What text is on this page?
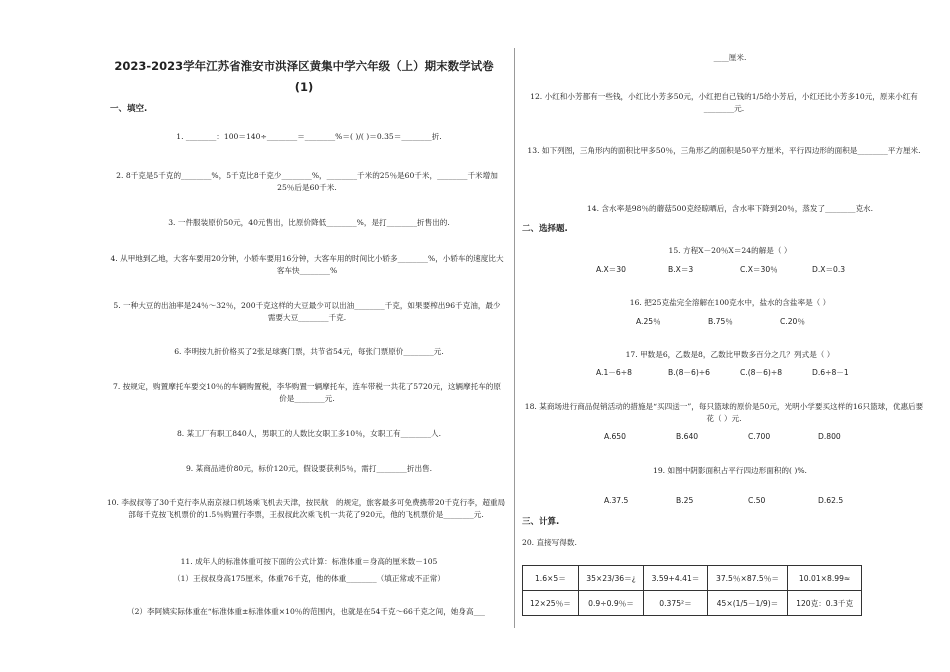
2023-2023学年江苏省淮安市洪泽区黄集中学六年级（上）期末数学试卷
(1)
一、填空.
1. ________：100＝140÷________＝________%＝( )/( )＝0.35＝________折.
2. 8千克是5千克的________%，5千克比8千克少________%，________千米的25％是60千米，________千米增加25％后是60千米.
3. 一件服装原价50元，40元售出，比原价降低________%，是打________折售出的.
4. 从甲地到乙地，大客车要用20分钟，小轿车要用16分钟，大客车用的时间比小轿多________%，小轿车的速度比大客车快________%
5. 一种大豆的出油率是24％～32％，200千克这样的大豆最少可以出油________千克，如果要榨出96千克油，最少需要大豆________千克.
6. 李明按九折价格买了2张足球赛门票，共节省54元，每张门票原价________元.
7. 按规定，购置摩托车要交10％的车辆购置税，李华购置一辆摩托车，连车带税一共花了5720元，这辆摩托车的原价是________元.
8. 某工厂有职工840人，男职工的人数比女职工多10％，女职工有________人.
9. 某商品进价80元，标价120元，假设要获利5％，需打________折出售.
10. 李叔叔等了30千克行李从南京禄口机场乘飞机去天津，按民航　的规定，旅客最多可免费携带20千克行李，超重局部每千克按飞机票价的1.5％购置行李票，王叔叔此次乘飞机一共花了920元，他的飞机票价是________元.
11. 成年人的标准体重可按下面的公式计算：标准体重＝身高的厘米数－105
（1）王叔叔身高175厘米，体重76千克，他的体重________（填正常或不正常）
（2）李阿姨实际体重在“标准体重±标准体重×10％的范围内，也就是在54千克～66千克之间，她身高___
____厘米.
12. 小红和小芳都有一些钱，小红比小芳多50元，小红把自己钱的1/5给小芳后，小红还比小芳多10元，原来小红有________元.
13. 如下列图，三角形内的面积比甲多50％，三角形乙的面积是50平方厘米，平行四边形的面积是________平方厘米.
14. 含水率是98％的蘑菇500克经晾晒后，含水率下降到20％，蒸发了________克水.
二、选择题.
15. 方程X－20％X＝24的解是（ ）
A.X＝30	B.X＝3	C.X＝30％	D.X＝0.3
16. 把25克盐完全溶解在100克水中，盐水的含盐率是（ ）
A.25％	B.75％	C.20％
17. 甲数是6，乙数是8，乙数比甲数多百分之几？列式是（ ）
A.1－6÷8	B.(8－6)÷6	C.(8－6)÷8	D.6÷8－1
18. 某商场进行商品促销活动的措施是“买四送一”，每只篮球的原价是50元，光明小学要买这样的16只篮球，优惠后要花（ ）元.
A.650	B.640	C.700	D.800
19. 如图中阴影面积占平行四边形面积的( )%.
A.37.5	B.25	C.50	D.62.5
三、计算.
20. 直接写得数.
1.6×5＝	35×23/36＝¿	3.59+4.41＝	37.5％×87.5％＝	10.01×8.99≈
12×25％＝	0.9÷0.9％＝	0.375²＝	45×(1/5－1/9)＝	120克：0.3千克
